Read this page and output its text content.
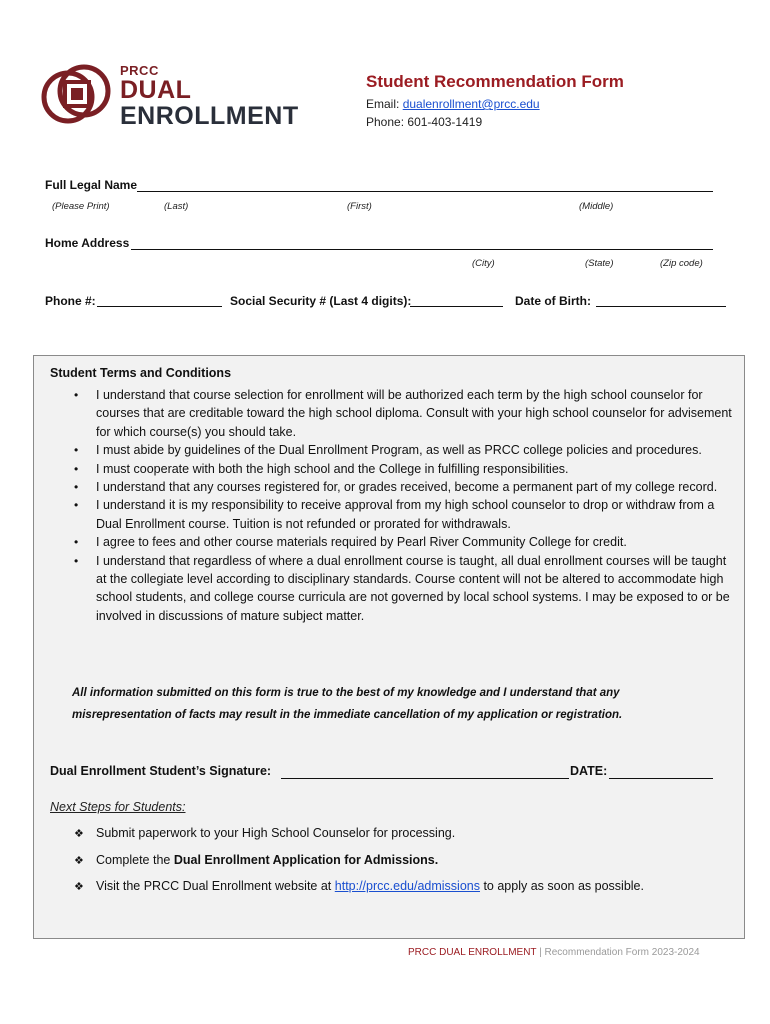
PRCC
DUAL
ENROLLMENT
Student Recommendation Form
Email: dualenrollment@prcc.edu
Phone: 601-403-1419
Full Legal Name
(Please Print)	(Last)	(First)	(Middle)
Home Address
(City)	(State)	(Zip code)
Phone #:	Social Security # (Last 4 digits):	Date of Birth:
Student Terms and Conditions
• I understand that course selection for enrollment will be authorized each term by the high school counselor for courses that are creditable toward the high school diploma. Consult with your high school counselor for advisement for which course(s) you should take.
• I must abide by guidelines of the Dual Enrollment Program, as well as PRCC college policies and procedures.
• I must cooperate with both the high school and the College in fulfilling responsibilities.
• I understand that any courses registered for, or grades received, become a permanent part of my college record.
• I understand it is my responsibility to receive approval from my high school counselor to drop or withdraw from a Dual Enrollment course. Tuition is not refunded or prorated for withdrawals.
• I agree to fees and other course materials required by Pearl River Community College for credit.
• I understand that regardless of where a dual enrollment course is taught, all dual enrollment courses will be taught at the collegiate level according to disciplinary standards. Course content will not be altered to accommodate high school students, and college course curricula are not governed by local school systems. I may be exposed to or be involved in discussions of mature subject matter.
All information submitted on this form is true to the best of my knowledge and I understand that any misrepresentation of facts may result in the immediate cancellation of my application or registration.
Dual Enrollment Student’s Signature:	DATE:
Next Steps for Students:
❖ Submit paperwork to your High School Counselor for processing.
❖ Complete the Dual Enrollment Application for Admissions.
❖ Visit the PRCC Dual Enrollment website at http://prcc.edu/admissions to apply as soon as possible.
PRCC DUAL ENROLLMENT | Recommendation Form 2023-2024
